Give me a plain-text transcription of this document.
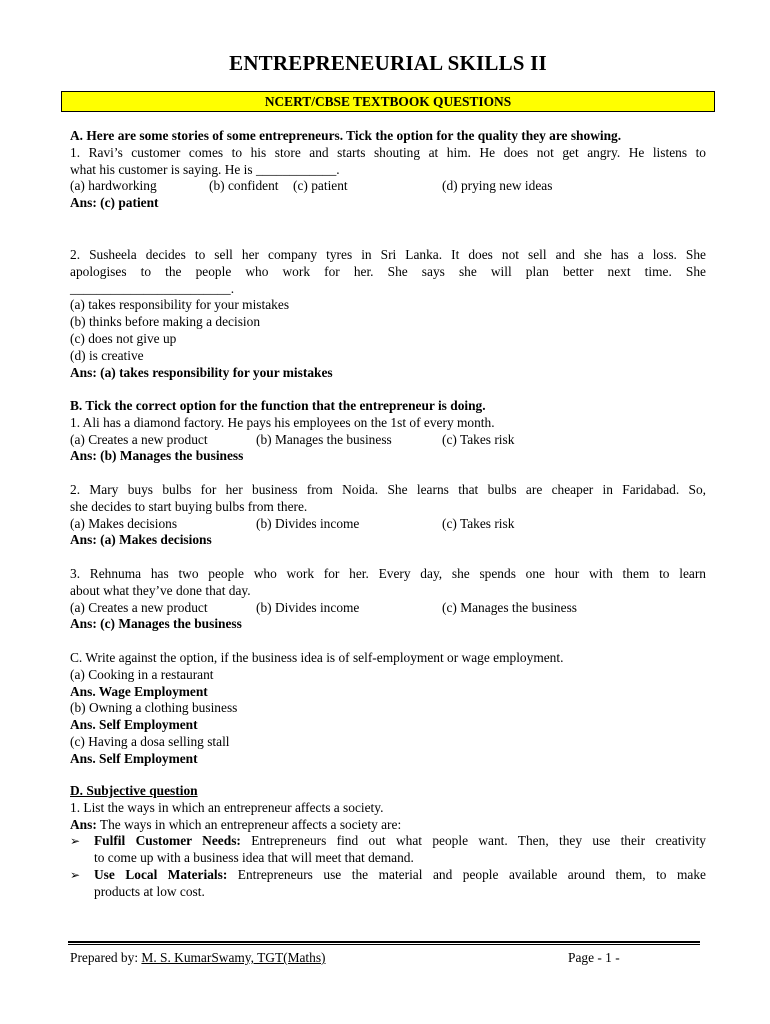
ENTREPRENEURIAL SKILLS II
NCERT/CBSE TEXTBOOK QUESTIONS

A. Here are some stories of some entrepreneurs. Tick the option for the quality they are showing.

1. Ravi’s customer comes to his store and starts shouting at him. He does not get angry. He listens to

what his customer is saying. He is ____________.

(a) hardworking	(b) confident	(c) patient	(d) prying new ideas

Ans: (c) patient

2. Susheela decides to sell her company tyres in Sri Lanka. It does not sell and she has a loss. She

apologises to the people who work for her. She says she will plan better next time. She

________________________.

(a) takes responsibility for your mistakes

(b) thinks before making a decision

(c) does not give up

(d) is creative

Ans: (a) takes responsibility for your mistakes

B. Tick the correct option for the function that the entrepreneur is doing.

1. Ali has a diamond factory. He pays his employees on the 1st of every month.

(a) Creates a new product	(b) Manages the business	(c) Takes risk

Ans: (b) Manages the business

2. Mary buys bulbs for her business from Noida. She learns that bulbs are cheaper in Faridabad. So,

she decides to start buying bulbs from there.

(a) Makes decisions	(b) Divides income	(c) Takes risk

Ans: (a) Makes decisions

3. Rehnuma has two people who work for her. Every day, she spends one hour with them to learn

about what they’ve done that day.

(a) Creates a new product	(b) Divides income	(c) Manages the business

Ans: (c) Manages the business

C. Write against the option, if the business idea is of self-employment or wage employment.

(a) Cooking in a restaurant

Ans. Wage Employment

(b) Owning a clothing business

Ans. Self Employment

(c) Having a dosa selling stall

Ans. Self Employment

D. Subjective question

1. List the ways in which an entrepreneur affects a society.

Ans: The ways in which an entrepreneur affects a society are:

➢	Fulfil Customer Needs: Entrepreneurs find out what people want. Then, they use their creativity

to come up with a business idea that will meet that demand.

➢	Use Local Materials: Entrepreneurs use the material and people available around them, to make

products at low cost.

Prepared by: M. S. KumarSwamy, TGT(Maths)	Page - 1 -
